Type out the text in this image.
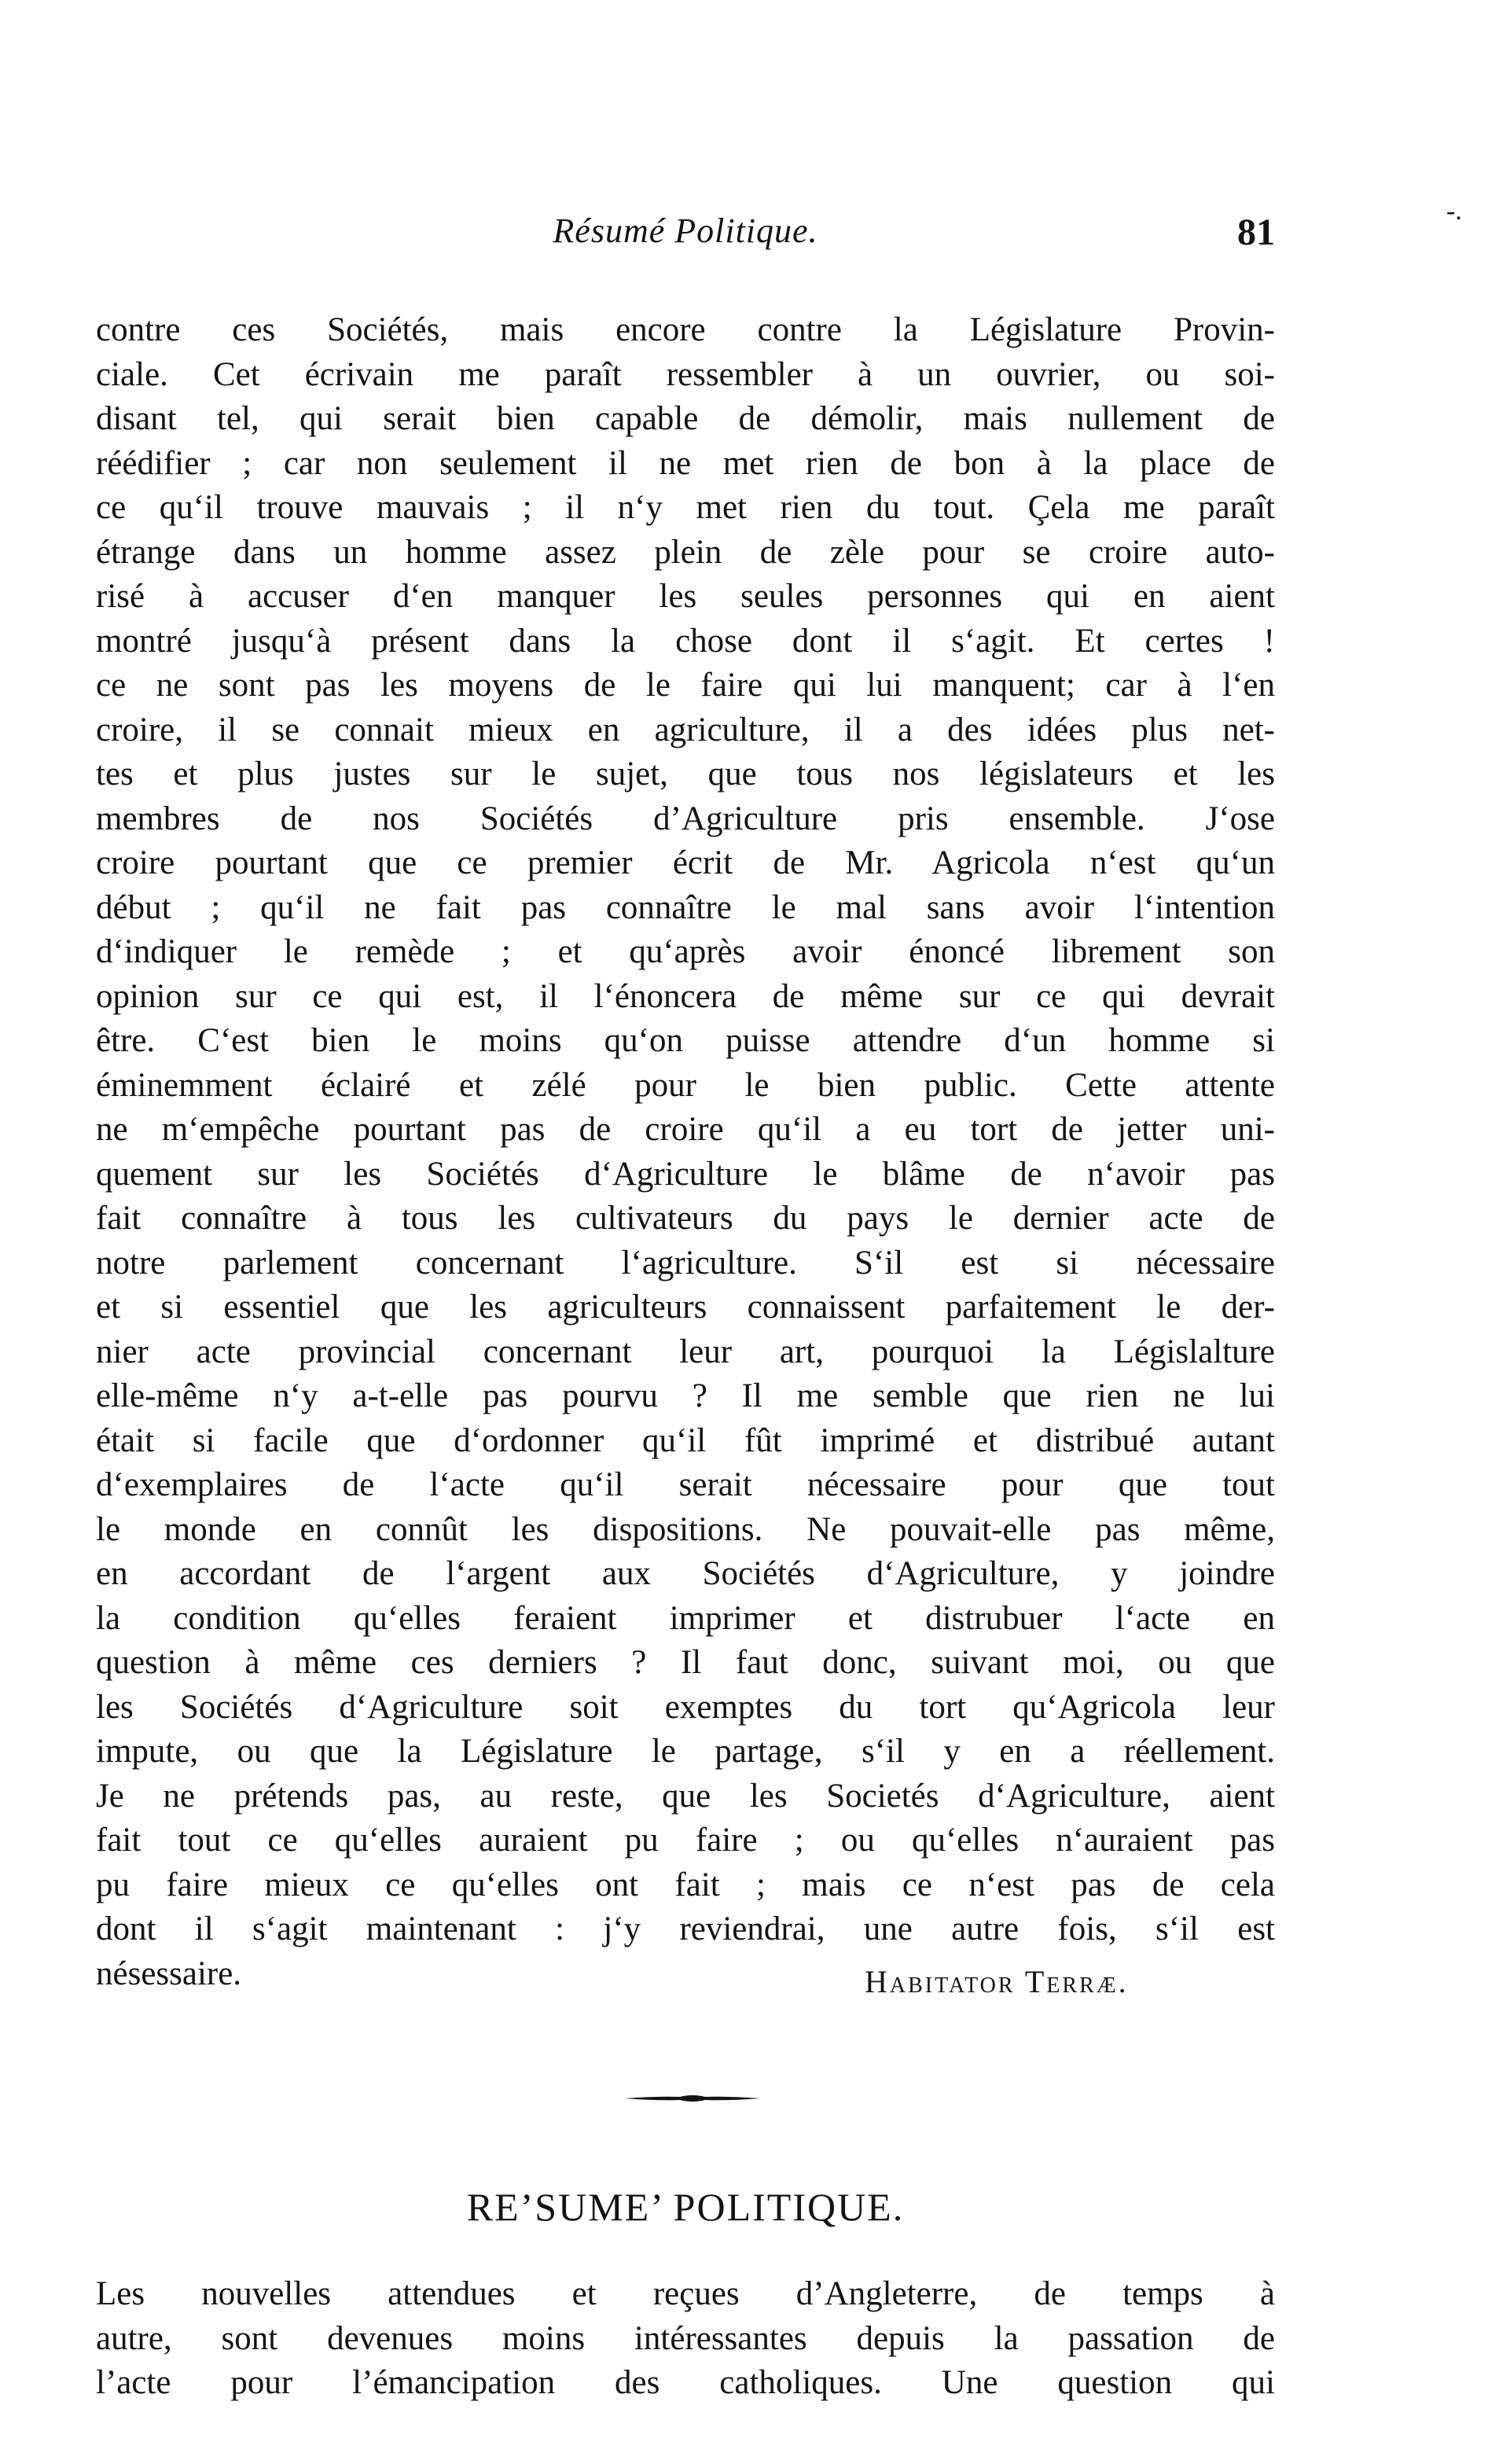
-.
Résumé Politique.	81
contre ces Sociétés, mais encore contre la Législature Provin-
ciale. Cet écrivain me paraît ressembler à un ouvrier, ou soi-
disant tel, qui serait bien capable de démolir, mais nullement de
réédifier ; car non seulement il ne met rien de bon à la place de
ce qu‘il trouve mauvais ; il n‘y met rien du tout. Çela me paraît
étrange dans un homme assez plein de zèle pour se croire auto-
risé à accuser d‘en manquer les seules personnes qui en aient
montré jusqu‘à présent dans la chose dont il s‘agit. Et certes !
ce ne sont pas les moyens de le faire qui lui manquent; car à l‘en
croire, il se connait mieux en agriculture, il a des idées plus net-
tes et plus justes sur le sujet, que tous nos législateurs et les
membres de nos Sociétés d’Agriculture pris ensemble. J‘ose
croire pourtant que ce premier écrit de Mr. Agricola n‘est qu‘un
début ; qu‘il ne fait pas connaître le mal sans avoir l‘intention
d‘indiquer le remède ; et qu‘après avoir énoncé librement son
opinion sur ce qui est, il l‘énoncera de même sur ce qui devrait
être. C‘est bien le moins qu‘on puisse attendre d‘un homme si
éminemment éclairé et zélé pour le bien public. Cette attente
ne m‘empêche pourtant pas de croire qu‘il a eu tort de jetter uni-
quement sur les Sociétés d‘Agriculture le blâme de n‘avoir pas
fait connaître à tous les cultivateurs du pays le dernier acte de
notre parlement concernant l‘agriculture. S‘il est si nécessaire
et si essentiel que les agriculteurs connaissent parfaitement le der-
nier acte provincial concernant leur art, pourquoi la Législalture
elle-même n‘y a-t-elle pas pourvu ? Il me semble que rien ne lui
était si facile que d‘ordonner qu‘il fût imprimé et distribué autant
d‘exemplaires de l‘acte qu‘il serait nécessaire pour que tout
le monde en connût les dispositions. Ne pouvait-elle pas même,
en accordant de l‘argent aux Sociétés d‘Agriculture, y joindre
la condition qu‘elles feraient imprimer et distrubuer l‘acte en
question à même ces derniers ? Il faut donc, suivant moi, ou que
les Sociétés d‘Agriculture soit exemptes du tort qu‘Agricola leur
impute, ou que la Législature le partage, s‘il y en a réellement.
Je ne prétends pas, au reste, que les Societés d‘Agriculture, aient
fait tout ce qu‘elles auraient pu faire ; ou qu‘elles n‘auraient pas
pu faire mieux ce qu‘elles ont fait ; mais ce n‘est pas de cela
dont il s‘agit maintenant : j‘y reviendrai, une autre fois, s‘il est
nésessaire.	Habitator Terræ.
RE’SUME’ POLITIQUE.
Les nouvelles attendues et reçues d’Angleterre, de temps à
autre, sont devenues moins intéressantes depuis la passation de
l’acte pour l’émancipation des catholiques. Une question qui
